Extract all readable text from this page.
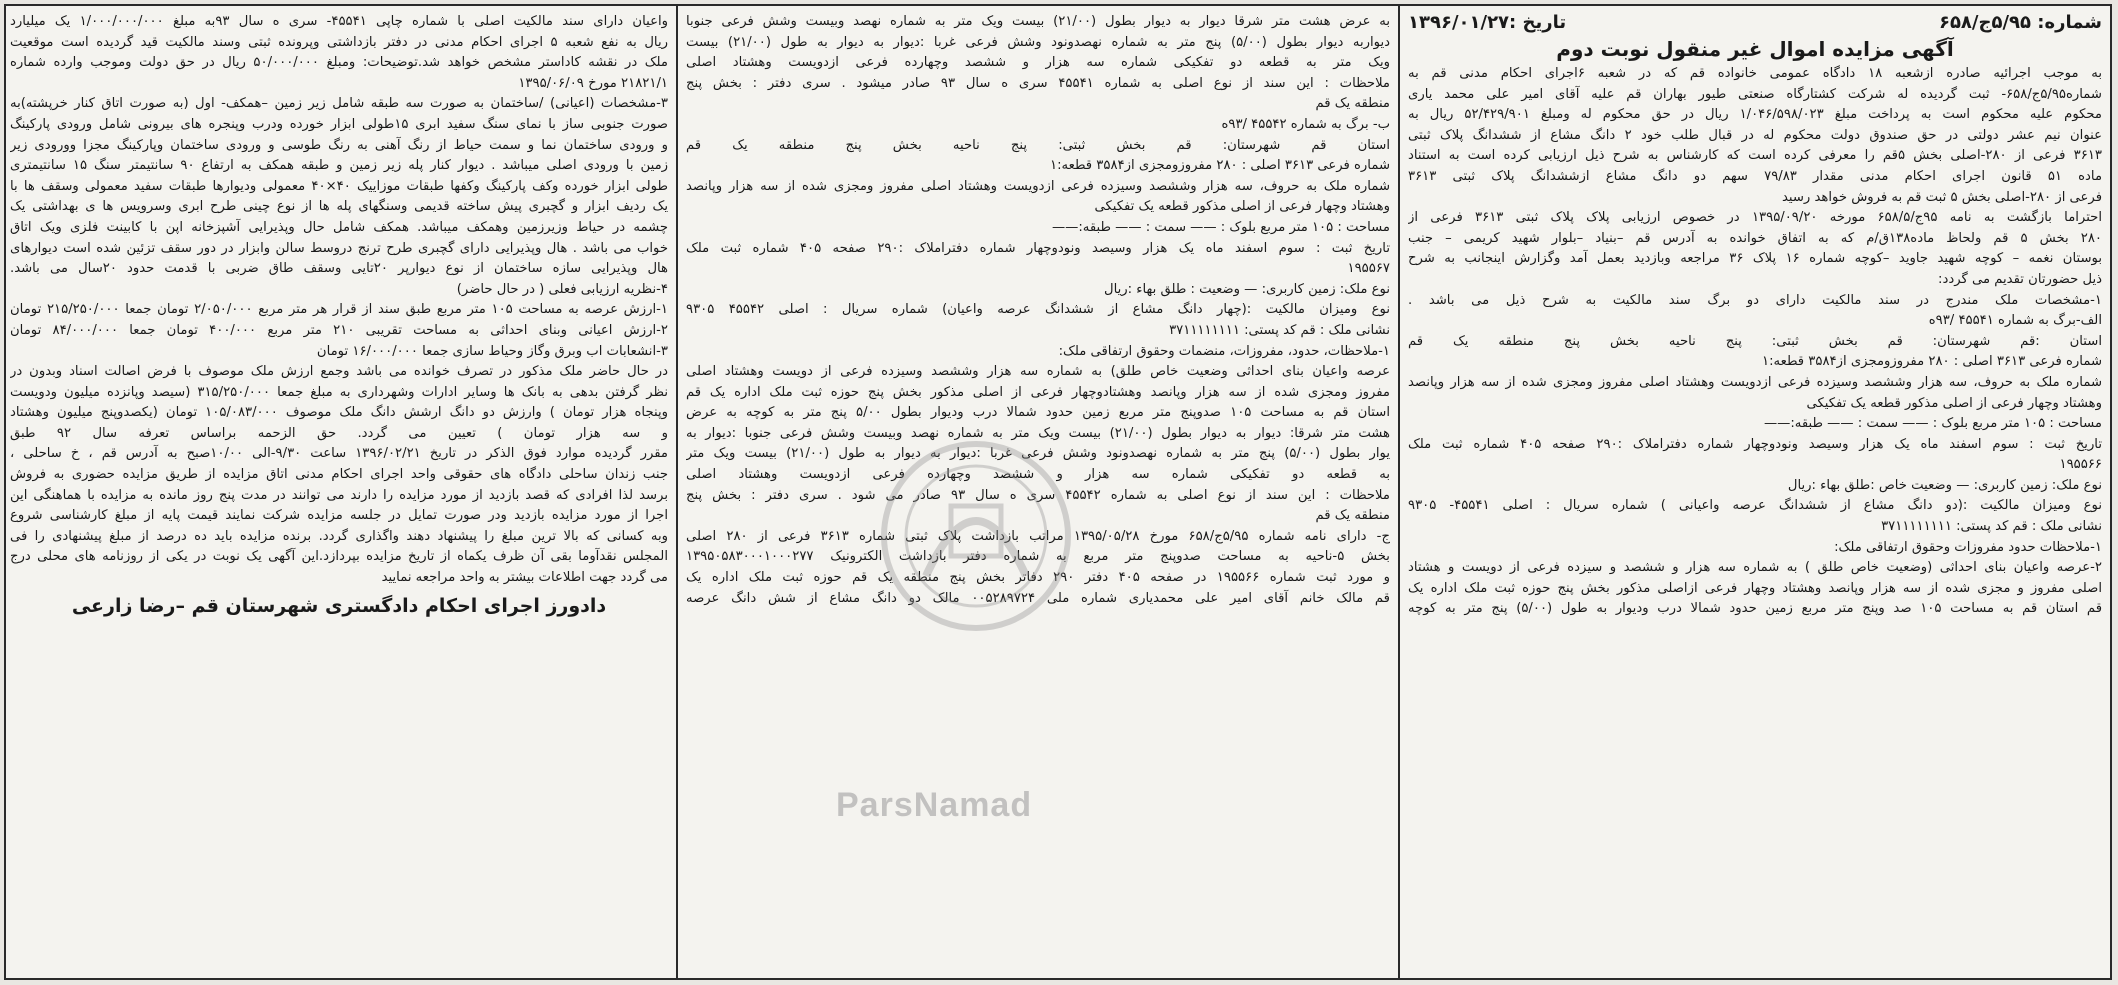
شماره: ۵/۹۵ج/۶۵۸
تاریخ :۱۳۹۶/۰۱/۲۷
آگهی مزایده اموال غیر منقول نوبت دوم
به موجب اجرائیه صادره ازشعبه ۱۸ دادگاه عمومی خانواده قم که در شعبه ۶اجرای احکام مدنی قم به
شماره۵/۹۵ج/۶۵۸- ثبت گردیده له شرکت کشتارگاه صنعتی طیور بهاران قم علیه آقای امیر علی محمد یاری
محکوم علیه محکوم است به پرداخت مبلغ ۱/۰۴۶/۵۹۸/۰۲۳ ریال در حق محکوم له ومبلغ ۵۲/۴۲۹/۹۰۱ ریال به
عنوان نیم عشر دولتی در حق صندوق دولت محکوم له در قبال طلب خود ۲ دانگ مشاع از ششدانگ پلاک ثبتی
۳۶۱۳ فرعی از ۲۸۰-اصلی بخش ۵قم را معرفی کرده است که کارشناس به شرح ذیل ارزیابی کرده است به استناد
ماده ۵۱ قانون اجرای احکام مدنی مقدار ۷۹/۸۳ سهم دو دانگ مشاع ازششدانگ پلاک ثبتی ۳۶۱۳
فرعی از ۲۸۰-اصلی بخش ۵ ثبت قم به فروش خواهد رسید
احتراما بازگشت به نامه ۹۵ج/۶۵۸/۵ مورخه ۱۳۹۵/۰۹/۲۰ در خصوص ارزیابی پلاک پلاک ثبتی ۳۶۱۳ فرعی از
۲۸۰ بخش ۵ قم ولحاظ ماده۱۳۸ق/م که به اتفاق خوانده به آدرس قم –بنیاد –بلوار شهید کریمی – جنب
بوستان نغمه – کوچه شهید جاوید –کوچه شماره ۱۶ پلاک ۳۶ مراجعه وبازدید بعمل آمد وگزارش اینجانب به شرح
ذیل حضورتان تقدیم می گردد:
۱-مشخصات ملک مندرج در سند مالکیت دارای دو برگ سند مالکیت به شرح ذیل می باشد .
الف-برگ به شماره ۴۵۵۴۱ /۹۳ه
استان :قم شهرستان: قم بخش ثبتی: پنج ناحیه بخش پنج منطقه یک قم
شماره فرعی ۳۶۱۳ اصلی : ۲۸۰ مفروزومجزی از۳۵۸۴ قطعه:۱
شماره ملک به حروف، سه هزار وششصد وسیزده فرعی ازدویست وهشتاد اصلی مفروز ومجزی شده از سه هزار وپانصد
وهشتاد وچهار فرعی از اصلی مذکور قطعه یک تفکیکی
مساحت : ۱۰۵ متر مربع بلوک : —— سمت : —— طبقه:——
تاریخ ثبت : سوم اسفند ماه یک هزار وسیصد ونودوچهار شماره دفتراملاک :۲۹۰ صفحه ۴۰۵ شماره ثبت ملک
۱۹۵۵۶۶
نوع ملک: زمین کاربری: — وضعیت خاص :طلق بهاء :ریال
نوع ومیزان مالکیت :(دو دانگ مشاع از ششدانگ عرصه واعیانی ) شماره سریال : اصلی ۴۵۵۴۱- ۹۳۰۵
نشانی ملک : قم کد پستی: ۳۷۱۱۱۱۱۱۱۱
۱-ملاحظات حدود مفروزات وحقوق ارتفاقی ملک:
۲-عرصه واعیان بنای احداثی (وضعیت خاص طلق ) به شماره سه هزار و ششصد و سیزده فرعی از دویست و هشتاد
اصلی مفروز و مجزی شده از سه هزار وپانصد وهشتاد وچهار فرعی ازاصلی مذکور بخش پنج حوزه ثبت ملک اداره یک
قم استان قم به مساحت ۱۰۵ صد وپنج متر مربع زمین حدود شمالا درب ودیوار به طول (۵/۰۰) پنج متر به کوچه
به عرض هشت متر شرقا دیوار به دیوار بطول (۲۱/۰۰) بیست ویک متر به شماره نهصد وبیست وشش فرعی جنوبا
دیواربه دیوار بطول (۵/۰۰) پنج متر به شماره نهصدونود وشش فرعی غربا :دیوار به دیوار به طول (۲۱/۰۰) بیست
ویک متر به قطعه دو تفکیکی شماره سه هزار و ششصد وچهارده فرعی ازدویست وهشتاد اصلی
ملاحظات : این سند از نوع اصلی به شماره ۴۵۵۴۱ سری ه سال ۹۳ صادر میشود . سری دفتر : بخش پنج
منطقه یک قم
ب- برگ به شماره ۴۵۵۴۲ /۹۳ه
استان قم شهرستان: قم بخش ثبتی: پنج ناحیه بخش پنج منطقه یک قم
شماره فرعی ۳۶۱۳ اصلی : ۲۸۰ مفروزومجزی از۳۵۸۴ قطعه:۱
شماره ملک به حروف، سه هزار وششصد وسیزده فرعی ازدویست وهشتاد اصلی مفروز ومجزی شده از سه هزار وپانصد
وهشتاد وچهار فرعی از اصلی مذکور قطعه یک تفکیکی
مساحت : ۱۰۵ متر مربع بلوک : —— سمت : —— طبقه:——
تاریخ ثبت : سوم اسفند ماه یک هزار وسیصد ونودوچهار شماره دفتراملاک :۲۹۰ صفحه ۴۰۵ شماره ثبت ملک
۱۹۵۵۶۷
نوع ملک: زمین کاربری: — وضعیت : طلق بهاء :ریال
نوع ومیزان مالکیت :(چهار دانگ مشاع از ششدانگ عرصه واعیان) شماره سریال : اصلی ۴۵۵۴۲ ۹۳۰۵
نشانی ملک : قم کد پستی: ۳۷۱۱۱۱۱۱۱۱
۱-ملاحظات، حدود، مفروزات، منضمات وحقوق ارتفاقی ملک:
عرصه واعیان بنای احداثی وضعیت خاص طلق) به شماره سه هزار وششصد وسیزده فرعی از دویست وهشتاد اصلی
مفروز ومجزی شده از سه هزار وپانصد وهشتادوچهار فرعی از اصلی مذکور بخش پنج حوزه ثبت ملک اداره یک قم
استان قم به مساحت ۱۰۵ صدوپنج متر مربع زمین حدود شمالا درب ودیوار بطول ۵/۰۰ پنج متر به کوچه به عرض
هشت متر شرقا: دیوار به دیوار بطول (۲۱/۰۰) بیست ویک متر به شماره نهصد وبیست وشش فرعی جنوبا :دیوار به
یوار بطول (۵/۰۰) پنج متر به شماره نهصدونود وشش فرعی غربا :دیوار به دیوار به طول (۲۱/۰۰) بیست ویک متر
به قطعه دو تفکیکی شماره سه هزار و ششصد وچهارده فرعی ازدویست وهشتاد اصلی
ملاحظات : این سند از نوع اصلی به شماره ۴۵۵۴۲ سری ه سال ۹۳ صادر می شود . سری دفتر : بخش پنج
منطقه یک قم
ج- دارای نامه شماره ۵/۹۵ج/۶۵۸ مورخ ۱۳۹۵/۰۵/۲۸ مراتب بازداشت پلاک ثبتی شماره ۳۶۱۳ فرعی از ۲۸۰ اصلی
بخش ۵-ناحیه به مساحت صدوپنج متر مربع به شماره دفتر بازداشت الکترونیک ۱۳۹۵۰۵۸۳۰۰۰۱۰۰۰۲۷۷
و مورد ثبت شماره ۱۹۵۵۶۶ در صفحه ۴۰۵ دفتر ۲۹۰ دفاتر بخش پنج منطقه یک قم حوزه ثبت ملک اداره یک
قم مالک خانم آقای امیر علی محمدیاری شماره ملی ۰۰۵۲۸۹۷۲۴ مالک دو دانگ مشاع از شش دانگ عرصه
واعیان دارای سند مالکیت اصلی با شماره چاپی ۴۵۵۴۱- سری ه سال ۹۳به مبلغ ۱/۰۰۰/۰۰۰/۰۰۰ یک میلیارد
ریال به نفع شعبه ۵ اجرای احکام مدنی در دفتر بازداشتی وپرونده ثبتی وسند مالکیت قید گردیده است موقعیت
ملک در نقشه کاداستر مشخص خواهد شد.توضیحات: ومبلغ ۵۰/۰۰۰/۰۰۰ ریال در حق دولت وموجب وارده شماره
۲۱۸۲۱/۱ مورخ ۱۳۹۵/۰۶/۰۹
۳-مشخصات (اعیانی) /ساختمان به صورت سه طبقه شامل زیر زمین –همکف- اول (به صورت اتاق کنار خرپشته)به
صورت جنوبی ساز با نمای سنگ سفید ابری ۱۵طولی ابزار خورده ودرب وپنجره های بیرونی شامل ورودی پارکینگ
و ورودی ساختمان نما و سمت حیاط از رنگ آهنی به رنگ طوسی و ورودی ساختمان وپارکینگ مجزا وورودی زیر
زمین با ورودی اصلی میباشد . دیوار کنار پله زیر زمین و طبقه همکف به ارتفاع ۹۰ سانتیمتر سنگ ۱۵ سانتیمتری
طولی ابزار خورده وکف پارکینگ وکفها طبقات موزاییک ۴۰×۴۰ معمولی ودیوارها طبقات سفید معمولی وسقف ها با
یک ردیف ابزار و گچبری پیش ساخته قدیمی وسنگهای پله ها از نوع چینی طرح ابری وسرویس ها ی بهداشتی یک
چشمه در حیاط وزیرزمین وهمکف میباشد. همکف شامل حال وپذیرایی آشپزخانه اپن با کابینت فلزی ویک اتاق
خواب می باشد . هال وپذیرایی دارای گچبری طرح ترنج دروسط سالن وابزار در دور سقف تزئین شده است دیوارهای
هال وپذیرایی سازه ساختمان از نوع دیوارپر ۲۰تایی وسقف طاق ضربی با قدمت حدود ۲۰سال می باشد.
۴-نظریه ارزیابی فعلی ( در حال حاضر)
۱-ارزش عرصه به مساحت ۱۰۵ متر مربع طبق سند از قرار هر متر مربع ۲/۰۵۰/۰۰۰ تومان جمعا ۲۱۵/۲۵۰/۰۰۰ تومان
۲-ارزش اعیانی وبنای احداثی به مساحت تقریبی ۲۱۰ متر مربع ۴۰۰/۰۰۰ تومان جمعا ۸۴/۰۰۰/۰۰۰ تومان
۳-انشعابات اب وبرق وگاز وحیاط سازی جمعا ۱۶/۰۰۰/۰۰۰ تومان
در حال حاضر ملک مذکور در تصرف خوانده می باشد وجمع ارزش ملک موصوف با فرض اصالت اسناد وبدون در
نظر گرفتن بدهی به بانک ها وسایر ادارات وشهرداری به مبلغ جمعا ۳۱۵/۲۵۰/۰۰۰ (سیصد وپانزده میلیون ودویست
وپنجاه هزار تومان ) وارزش دو دانگ ارشش دانگ ملک موصوف ۱۰۵/۰۸۳/۰۰۰ تومان (یکصدوپنج میلیون وهشتاد
و سه هزار تومان ) تعیین می گردد. حق الزحمه براساس تعرفه سال ۹۲ طبق
مقرر گردیده موارد فوق الذکر در تاریخ ۱۳۹۶/۰۲/۲۱ ساعت ۹/۳۰-الی ۱۰/۰۰صبح به آدرس قم ، خ ساحلی ،
جنب زندان ساحلی دادگاه های حقوقی واحد اجرای احکام مدنی اتاق مزایده از طریق مزایده حضوری به فروش
برسد لذا افرادی که قصد بازدید از مورد مزایده را دارند می توانند در مدت پنج روز مانده به مزایده با هماهنگی این
اجرا از مورد مزایده بازدید ودر صورت تمایل در جلسه مزایده شرکت نمایند قیمت پایه از مبلغ کارشناسی شروع
وبه کسانی که بالا ترین مبلغ را پیشنهاد دهند واگذاری گردد. برنده مزایده باید ده درصد از مبلغ پیشنهادی را فی
المجلس نقدآوما بقی آن ظرف یکماه از تاریخ مزایده بپردازد.این آگهی یک نوبت در یکی از روزنامه های محلی درج
می گردد جهت اطلاعات بیشتر به واحد مراجعه نمایید
دادورز اجرای احکام دادگستری شهرستان قم –رضا زارعی
ParsNamad
